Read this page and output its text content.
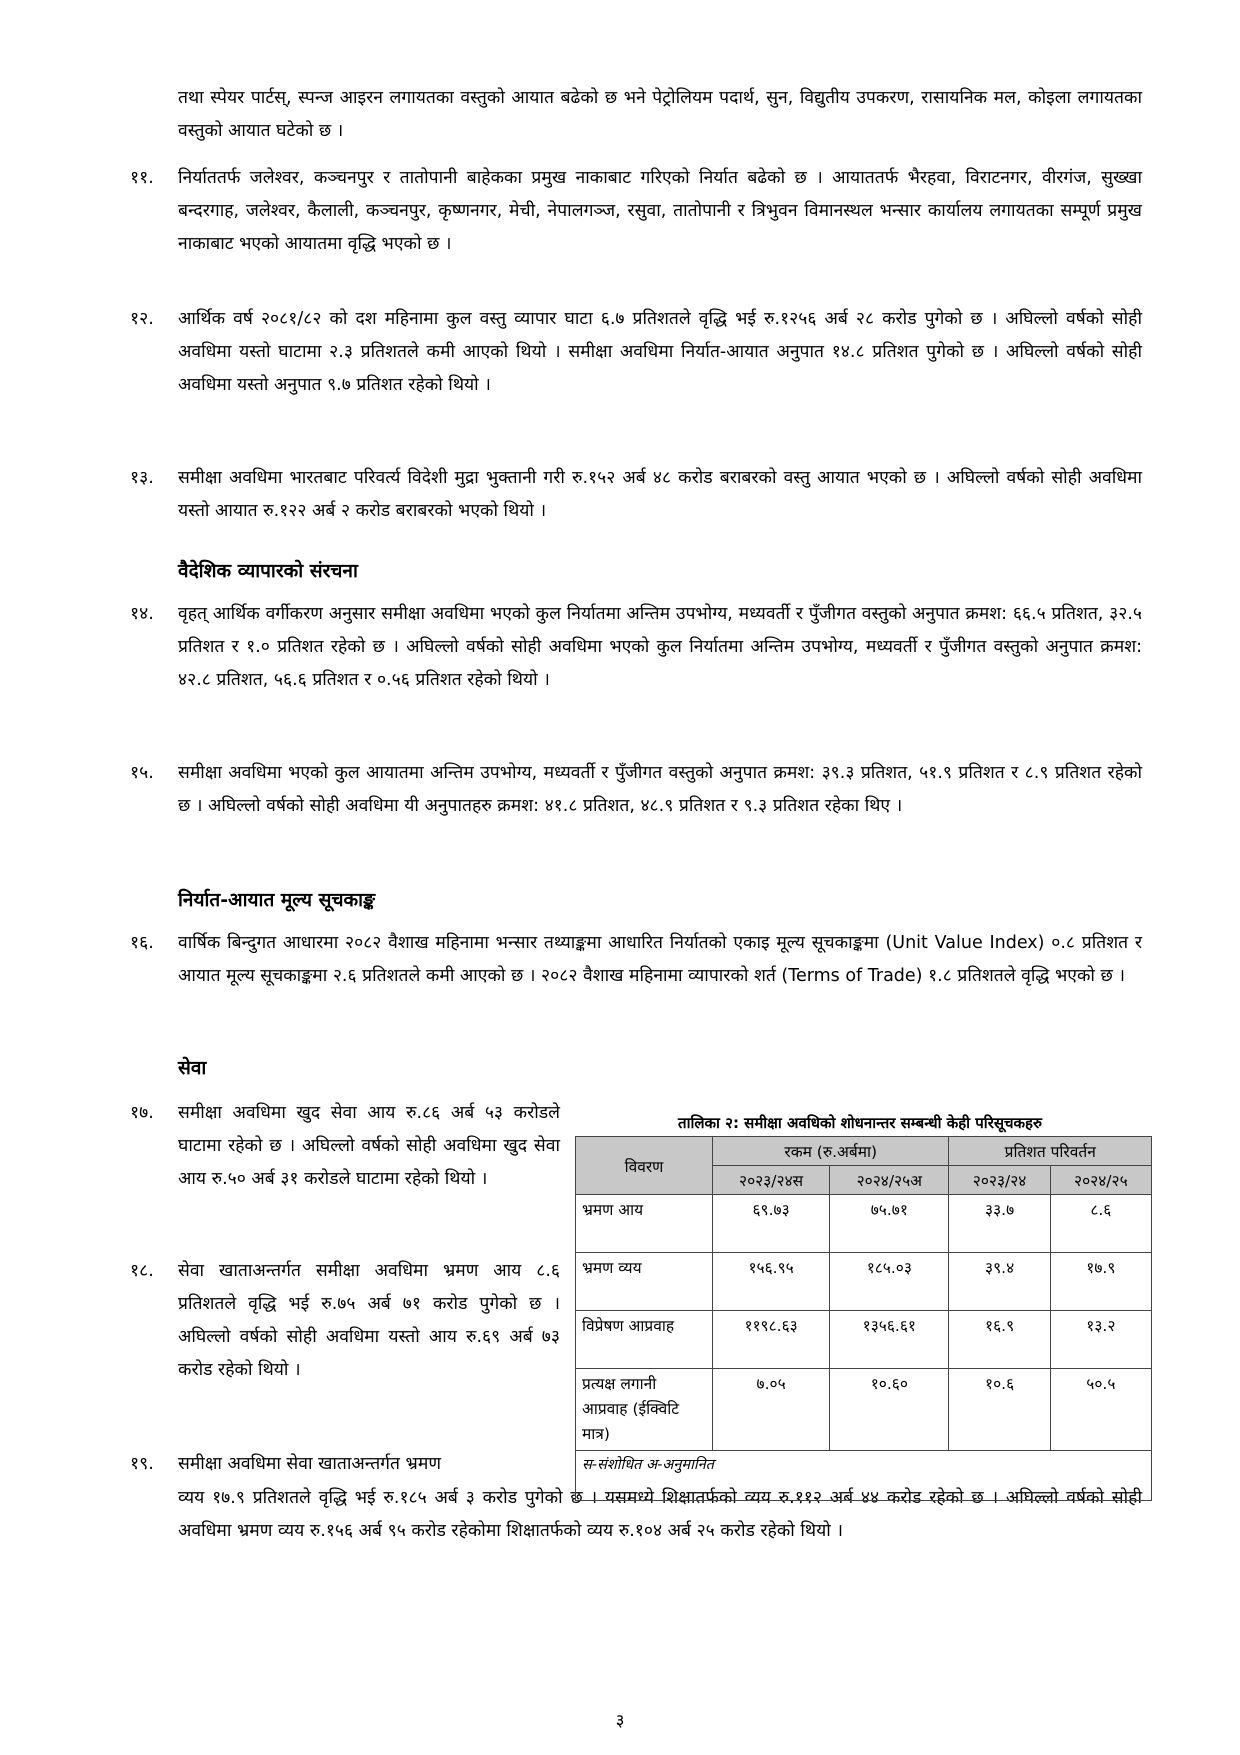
तथा स्पेयर पार्टस्, स्पन्ज आइरन लगायतका वस्तुको आयात बढेको छ भने पेट्रोलियम पदार्थ, सुन, विद्युतीय उपकरण, रासायनिक मल, कोइला लगायतका वस्तुको आयात घटेको छ ।
११.	निर्याततर्फ जलेश्वर, कञ्चनपुर र तातोपानी बाहेकका प्रमुख नाकाबाट गरिएको निर्यात बढेको छ । आयाततर्फ भैरहवा, विराटनगर, वीरगंज, सुख्खा बन्दरगाह, जलेश्वर, कैलाली, कञ्चनपुर, कृष्णनगर, मेची, नेपालगञ्ज, रसुवा, तातोपानी र त्रिभुवन विमानस्थल भन्सार कार्यालय लगायतका सम्पूर्ण प्रमुख नाकाबाट भएको आयातमा वृद्धि भएको छ ।
१२.	आर्थिक वर्ष २०८१/८२ को दश महिनामा कुल वस्तु व्यापार घाटा ६.७ प्रतिशतले वृद्धि भई रु.१२५६ अर्ब २८ करोड पुगेको छ । अघिल्लो वर्षको सोही अवधिमा यस्तो घाटामा २.३ प्रतिशतले कमी आएको थियो । समीक्षा अवधिमा निर्यात-आयात अनुपात १४.८ प्रतिशत पुगेको छ । अघिल्लो वर्षको सोही अवधिमा यस्तो अनुपात ९.७ प्रतिशत रहेको थियो ।
१३.	समीक्षा अवधिमा भारतबाट परिवर्त्य विदेशी मुद्रा भुक्तानी गरी रु.१५२ अर्ब ४८ करोड बराबरको वस्तु आयात भएको छ । अघिल्लो वर्षको सोही अवधिमा यस्तो आयात रु.१२२ अर्ब २ करोड बराबरको भएको थियो ।
वैदेशिक व्यापारको संरचना
१४.	वृहत् आर्थिक वर्गीकरण अनुसार समीक्षा अवधिमा भएको कुल निर्यातमा अन्तिम उपभोग्य, मध्यवर्ती र पुँजीगत वस्तुको अनुपात क्रमश: ६६.५ प्रतिशत, ३२.५ प्रतिशत र १.० प्रतिशत रहेको छ । अघिल्लो वर्षको सोही अवधिमा भएको कुल निर्यातमा अन्तिम उपभोग्य, मध्यवर्ती र पुँजीगत वस्तुको अनुपात क्रमश: ४२.८ प्रतिशत, ५६.६ प्रतिशत र ०.५६ प्रतिशत रहेको थियो ।
१५.	समीक्षा अवधिमा भएको कुल आयातमा अन्तिम उपभोग्य, मध्यवर्ती र पुँजीगत वस्तुको अनुपात क्रमश: ३९.३ प्रतिशत, ५१.९ प्रतिशत र ८.९ प्रतिशत रहेको छ । अघिल्लो वर्षको सोही अवधिमा यी अनुपातहरु क्रमश: ४१.८ प्रतिशत, ४८.९ प्रतिशत र ९.३ प्रतिशत रहेका थिए ।
निर्यात-आयात मूल्य सूचकाङ्क
१६.	वार्षिक बिन्दुगत आधारमा २०८२ वैशाख महिनामा भन्सार तथ्याङ्कमा आधारित निर्यातको एकाइ मूल्य सूचकाङ्कमा (Unit Value Index) ०.८ प्रतिशत र आयात मूल्य सूचकाङ्कमा २.६ प्रतिशतले कमी आएको छ । २०८२ वैशाख महिनामा व्यापारको शर्त (Terms of Trade) १.८ प्रतिशतले वृद्धि भएको छ ।
सेवा
१७.	समीक्षा अवधिमा खुद सेवा आय रु.८६ अर्ब ५३ करोडले घाटामा रहेको छ । अघिल्लो वर्षको सोही अवधिमा खुद सेवा आय रु.५० अर्ब ३१ करोडले घाटामा रहेको थियो ।
१८.	सेवा खाताअन्तर्गत समीक्षा अवधिमा भ्रमण आय ८.६ प्रतिशतले वृद्धि भई रु.७५ अर्ब ७१ करोड पुगेको छ । अघिल्लो वर्षको सोही अवधिमा यस्तो आय रु.६९ अर्ब ७३ करोड रहेको थियो ।
१९.	समीक्षा अवधिमा सेवा खाताअन्तर्गत भ्रमण
व्यय १७.९ प्रतिशतले वृद्धि भई रु.१८५ अर्ब ३ करोड पुगेको छ । यसमध्ये शिक्षातर्फको व्यय रु.११२ अर्ब ४४ करोड रहेको छ । अघिल्लो वर्षको सोही अवधिमा भ्रमण व्यय रु.१५६ अर्ब ९५ करोड रहेकोमा शिक्षातर्फको व्यय रु.१०४ अर्ब २५ करोड रहेको थियो ।
तालिका २: समीक्षा अवधिको शोधनान्तर सम्बन्धी केही परिसूचकहरु
विवरण	रकम (रु.अर्बमा)		प्रतिशत परिवर्तन	
	२०२३/२४स	२०२४/२५अ	२०२३/२४	२०२४/२५
भ्रमण आय	६९.७३	७५.७१	३३.७	८.६
भ्रमण व्यय	१५६.९५	१८५.०३	३९.४	१७.९
विप्रेषण आप्रवाह	११९८.६३	१३५६.६१	१६.९	१३.२
प्रत्यक्ष लगानी आप्रवाह (ईक्विटि मात्र)	७.०५	१०.६०	१०.६	५०.५
स-संशोधित अ-अनुमानित				
३
